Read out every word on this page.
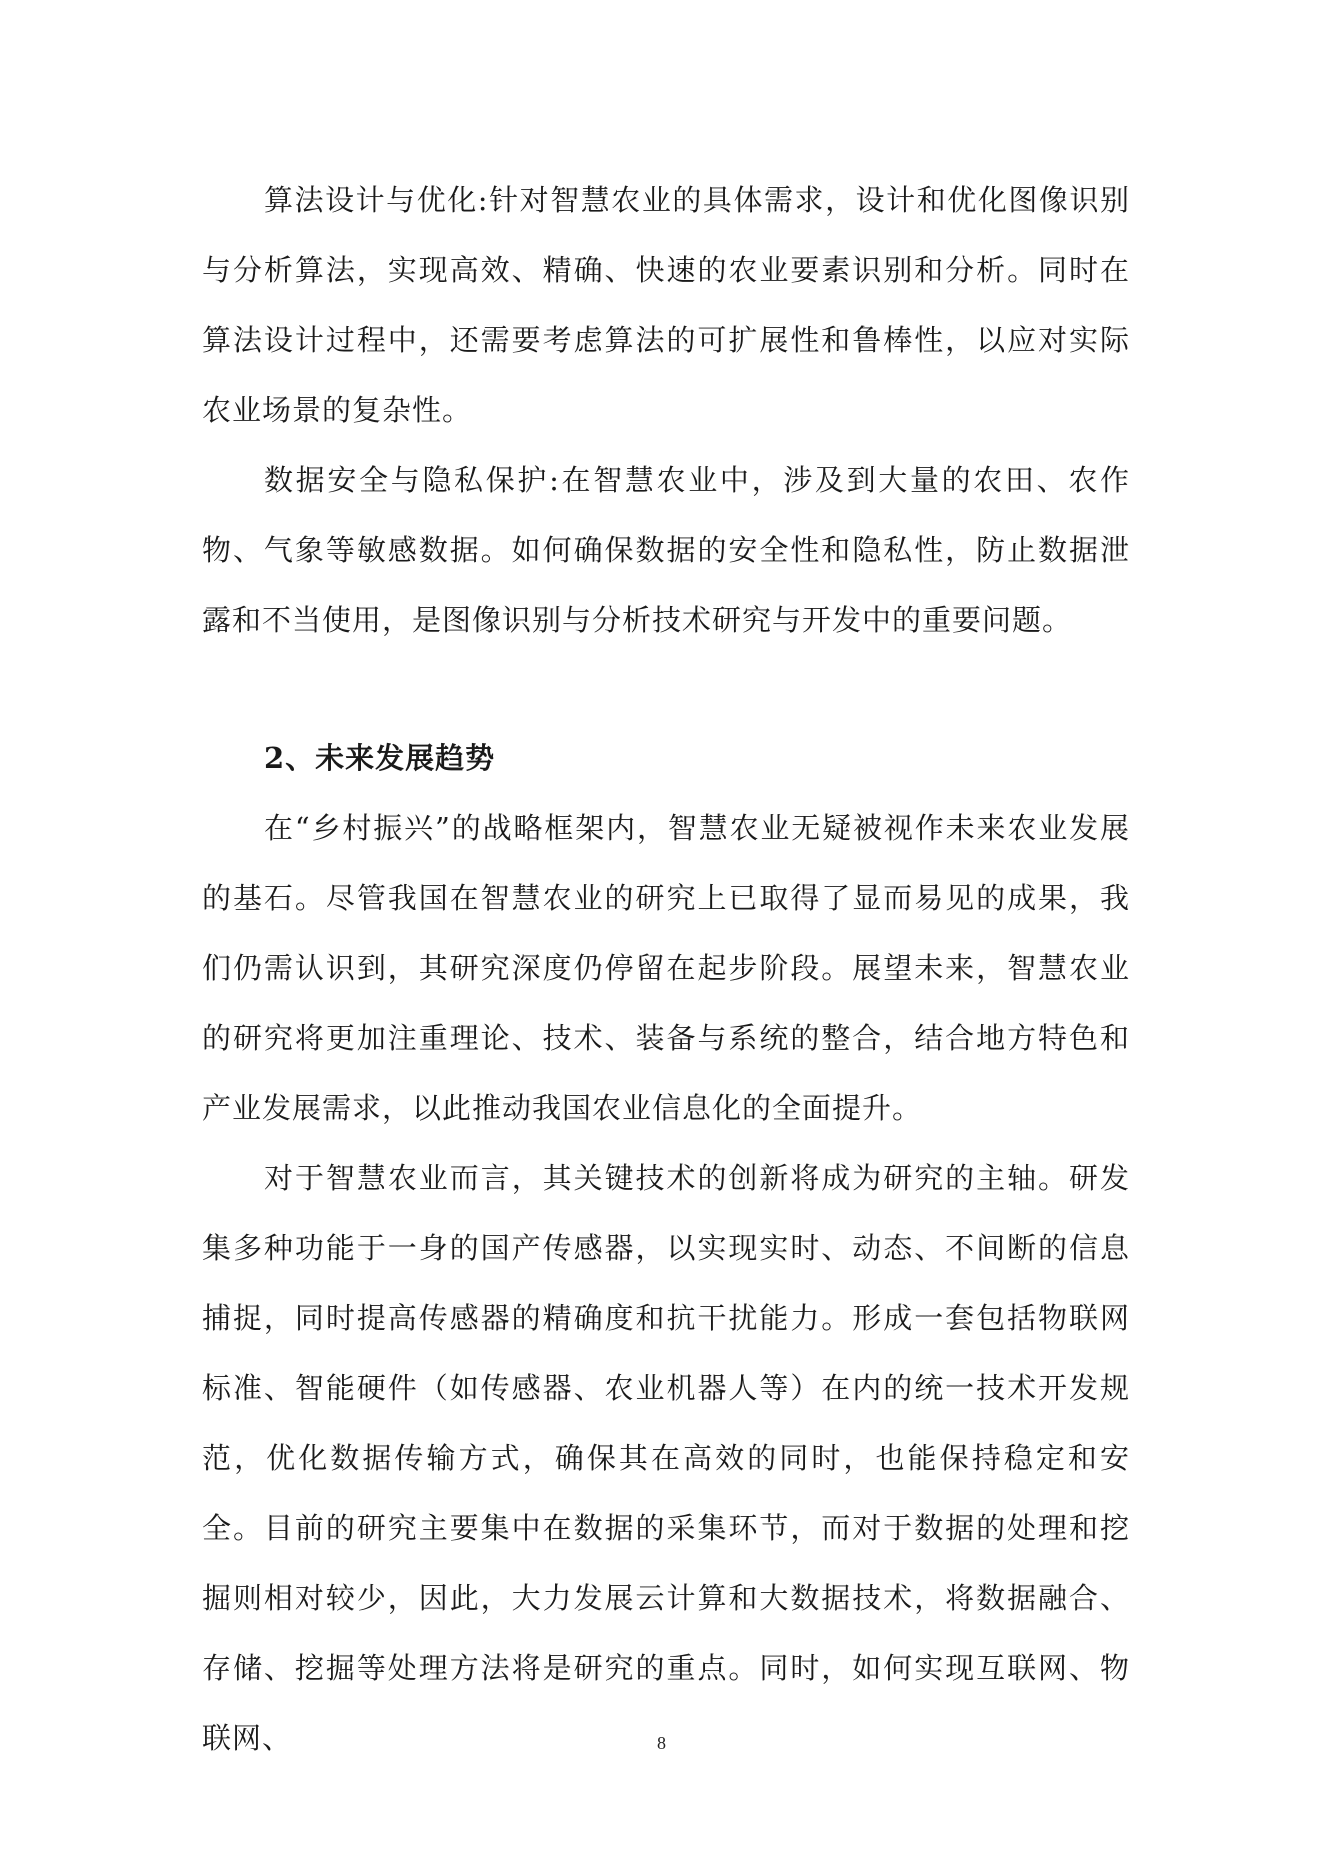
算法设计与优化:针对智慧农业的具体需求，设计和优化图像识别与分析算法，实现高效、精确、快速的农业要素识别和分析。同时在算法设计过程中，还需要考虑算法的可扩展性和鲁棒性，以应对实际农业场景的复杂性。

数据安全与隐私保护:在智慧农业中，涉及到大量的农田、农作物、气象等敏感数据。如何确保数据的安全性和隐私性，防止数据泄露和不当使用，是图像识别与分析技术研究与开发中的重要问题。

2、未来发展趋势

在“乡村振兴”的战略框架内，智慧农业无疑被视作未来农业发展的基石。尽管我国在智慧农业的研究上已取得了显而易见的成果，我们仍需认识到，其研究深度仍停留在起步阶段。展望未来，智慧农业的研究将更加注重理论、技术、装备与系统的整合，结合地方特色和产业发展需求，以此推动我国农业信息化的全面提升。

对于智慧农业而言，其关键技术的创新将成为研究的主轴。研发集多种功能于一身的国产传感器，以实现实时、动态、不间断的信息捕捉，同时提高传感器的精确度和抗干扰能力。形成一套包括物联网标准、智能硬件（如传感器、农业机器人等）在内的统一技术开发规范，优化数据传输方式，确保其在高效的同时，也能保持稳定和安全。目前的研究主要集中在数据的采集环节，而对于数据的处理和挖掘则相对较少，因此，大力发展云计算和大数据技术，将数据融合、存储、挖掘等处理方法将是研究的重点。同时，如何实现互联网、物联网、	8
